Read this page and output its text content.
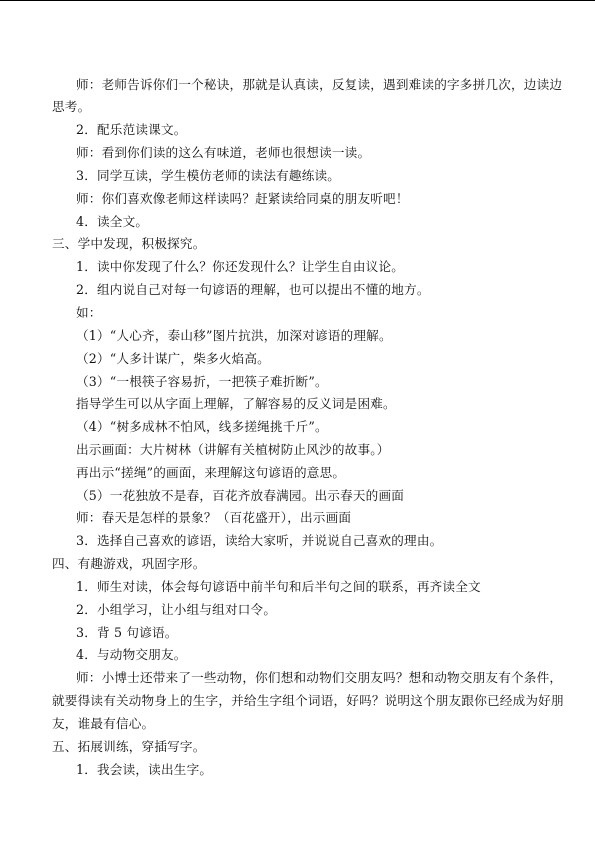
师：老师告诉你们一个秘诀，那就是认真读，反复读，遇到难读的字多拼几次，边读边
思考。
2．配乐范读课文。
师：看到你们读的这么有味道，老师也很想读一读。
3．同学互读，学生模仿老师的读法有趣练读。
师：你们喜欢像老师这样读吗？赶紧读给同桌的朋友听吧！
4．读全文。
三、学中发现，积极探究。
1．读中你发现了什么？你还发现什么？让学生自由议论。
2．组内说自己对每一句谚语的理解，也可以提出不懂的地方。
如：
（1）“人心齐，泰山移”图片抗洪，加深对谚语的理解。
（2）“人多计谋广，柴多火焰高。
（3）“一根筷子容易折，一把筷子难折断”。
指导学生可以从字面上理解，了解容易的反义词是困难。
（4）“树多成林不怕风，线多搓绳挑千斤”。
出示画面：大片树林（讲解有关植树防止风沙的故事。）
再出示“搓绳”的画面，来理解这句谚语的意思。
（5）一花独放不是春，百花齐放春满园。出示春天的画面
师：春天是怎样的景象？（百花盛开），出示画面
3．选择自己喜欢的谚语，读给大家听，并说说自己喜欢的理由。
四、有趣游戏，巩固字形。
1．师生对读，体会每句谚语中前半句和后半句之间的联系，再齐读全文
2．小组学习，让小组与组对口令。
3．背 5 句谚语。
4．与动物交朋友。
师：小博士还带来了一些动物，你们想和动物们交朋友吗？想和动物交朋友有个条件，
就要得读有关动物身上的生字，并给生字组个词语，好吗？说明这个朋友跟你已经成为好朋
友，谁最有信心。
五、拓展训练，穿插写字。
1．我会读，读出生字。
